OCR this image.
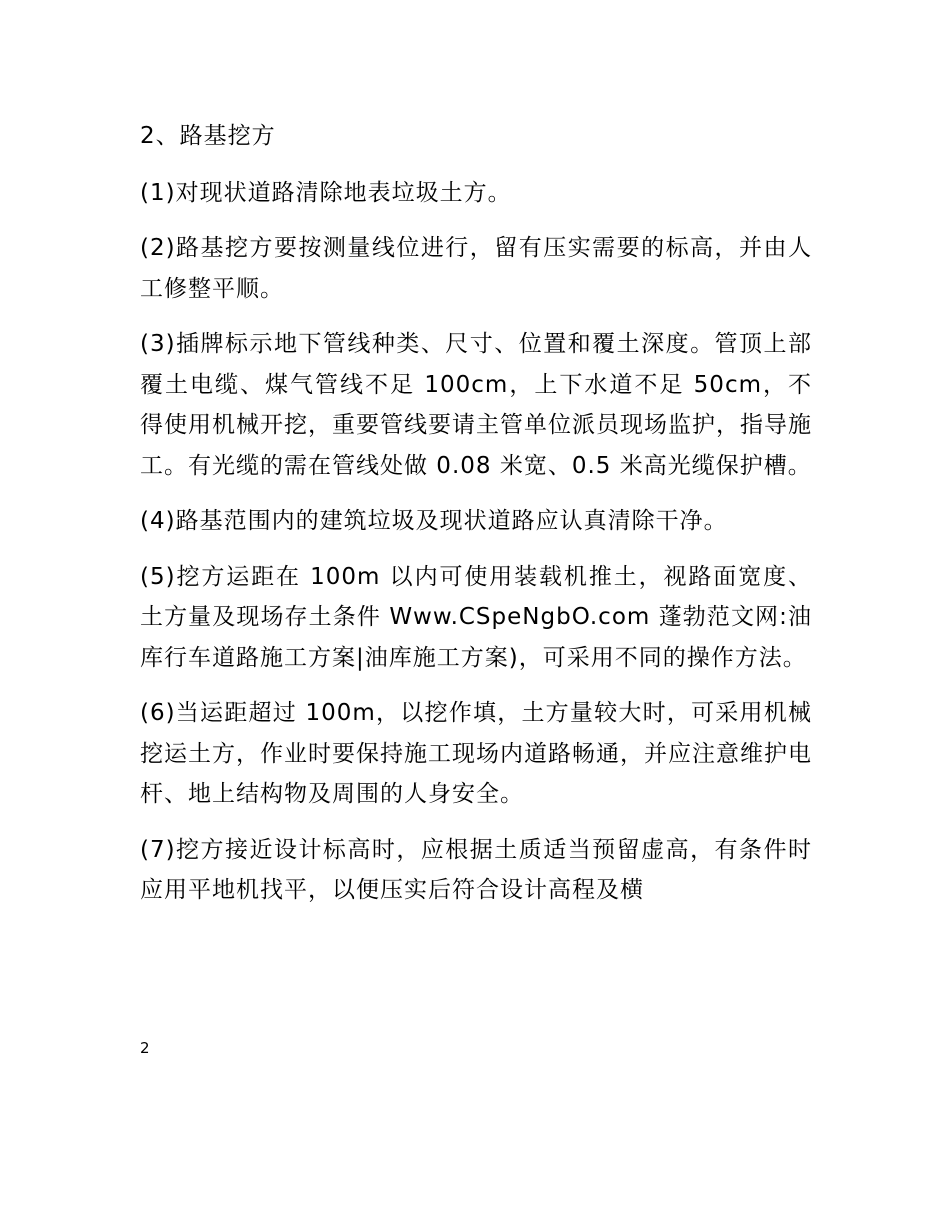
2、路基挖方

(1)对现状道路清除地表垃圾土方。

(2)路基挖方要按测量线位进行，留有压实需要的标高，并由人工修整平顺。

(3)插牌标示地下管线种类、尺寸、位置和覆土深度。管顶上部覆土电缆、煤气管线不足 100cm，上下水道不足 50cm，不得使用机械开挖，重要管线要请主管单位派员现场监护，指导施工。有光缆的需在管线处做 0.08 米宽、0.5 米高光缆保护槽。

(4)路基范围内的建筑垃圾及现状道路应认真清除干净。

(5)挖方运距在 100m 以内可使用装载机推土，视路面宽度、土方量及现场存土条件 Www.CSpeNgbO.com 蓬勃范文网:油库行车道路施工方案|油库施工方案)，可采用不同的操作方法。

(6)当运距超过 100m，以挖作填，土方量较大时，可采用机械挖运土方，作业时要保持施工现场内道路畅通，并应注意维护电杆、地上结构物及周围的人身安全。

(7)挖方接近设计标高时，应根据土质适当预留虚高，有条件时应用平地机找平，以便压实后符合设计高程及横

2
